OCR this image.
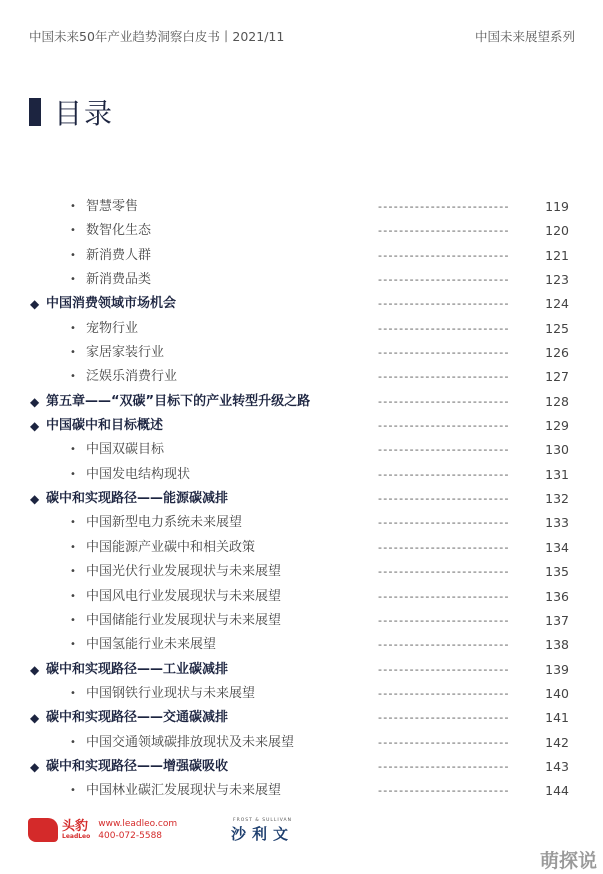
中国未来50年产业趋势洞察白皮书丨2021/11	中国未来展望系列
目录
• 智慧零售	-------------------------	119
• 数智化生态	-------------------------	120
• 新消费人群	-------------------------	121
• 新消费品类	-------------------------	123
◆ 中国消费领域市场机会	-------------------------	124
• 宠物行业	-------------------------	125
• 家居家装行业	-------------------------	126
• 泛娱乐消费行业	-------------------------	127
◆ 第五章——“双碳”目标下的产业转型升级之路	-------------------------	128
◆ 中国碳中和目标概述	-------------------------	129
• 中国双碳目标	-------------------------	130
• 中国发电结构现状	-------------------------	131
◆ 碳中和实现路径——能源碳减排	-------------------------	132
• 中国新型电力系统未来展望	-------------------------	133
• 中国能源产业碳中和相关政策	-------------------------	134
• 中国光伏行业发展现状与未来展望	-------------------------	135
• 中国风电行业发展现状与未来展望	-------------------------	136
• 中国储能行业发展现状与未来展望	-------------------------	137
• 中国氢能行业未来展望	-------------------------	138
◆ 碳中和实现路径——工业碳减排	-------------------------	139
• 中国钢铁行业现状与未来展望	-------------------------	140
◆ 碳中和实现路径——交通碳减排	-------------------------	141
• 中国交通领域碳排放现状及未来展望	-------------------------	142
◆ 碳中和实现路径——增强碳吸收	-------------------------	143
• 中国林业碳汇发展现状与未来展望	-------------------------	144
头豹
LeadLeo
www.leadleo.com
400-072-5588
FROST & SULLIVAN
沙利文
萌探说
